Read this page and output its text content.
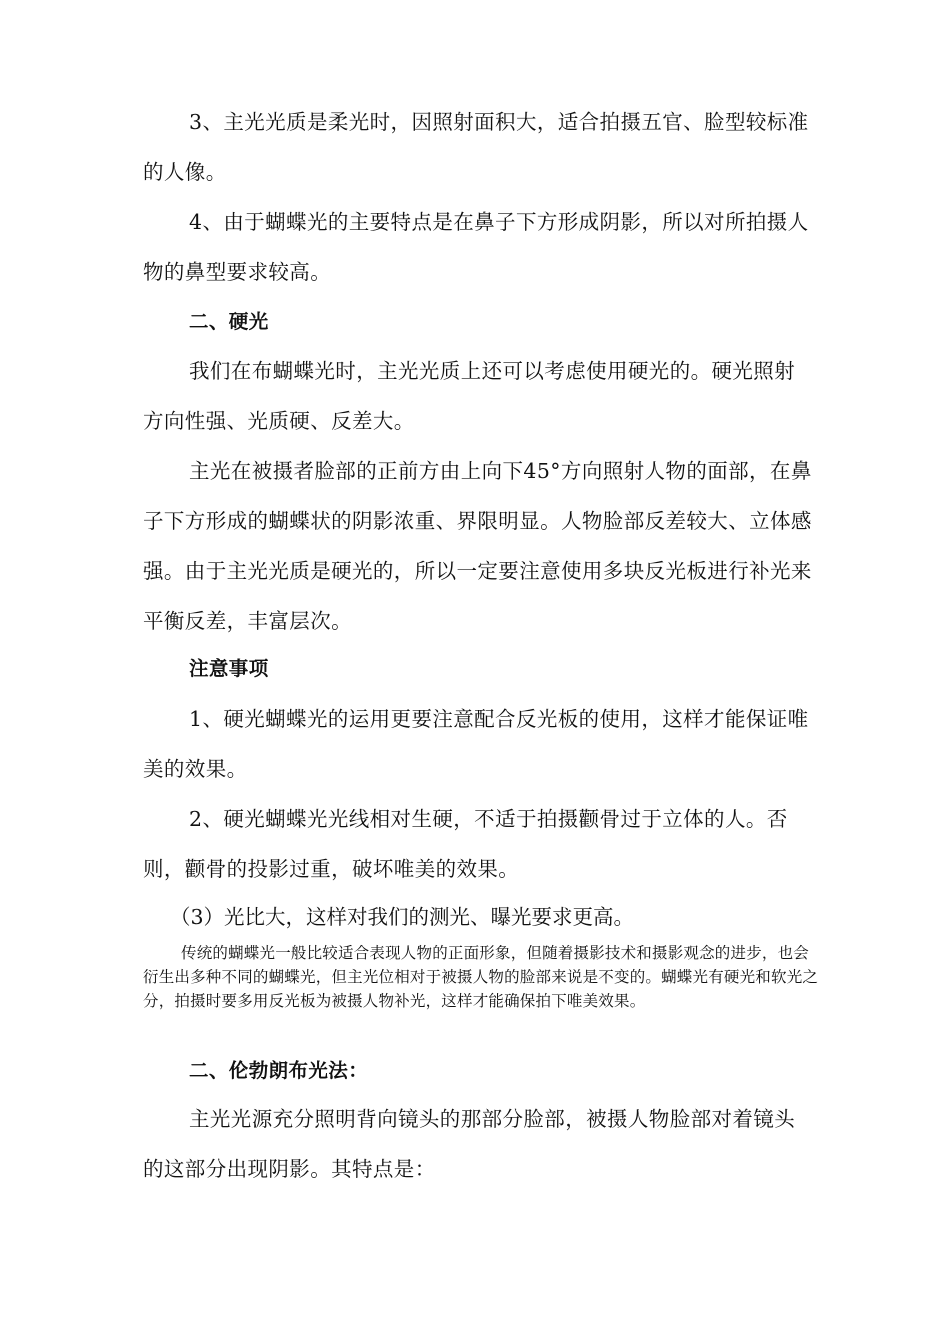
3、主光光质是柔光时，因照射面积大，适合拍摄五官、脸型较标准的人像。

4、由于蝴蝶光的主要特点是在鼻子下方形成阴影，所以对所拍摄人物的鼻型要求较高。

二、硬光

我们在布蝴蝶光时，主光光质上还可以考虑使用硬光的。硬光照射方向性强、光质硬、反差大。

主光在被摄者脸部的正前方由上向下45°方向照射人物的面部，在鼻子下方形成的蝴蝶状的阴影浓重、界限明显。人物脸部反差较大、立体感强。由于主光光质是硬光的，所以一定要注意使用多块反光板进行补光来平衡反差，丰富层次。

注意事项

1、硬光蝴蝶光的运用更要注意配合反光板的使用，这样才能保证唯美的效果。

2、硬光蝴蝶光光线相对生硬，不适于拍摄颧骨过于立体的人。否则，颧骨的投影过重，破坏唯美的效果。

（3）光比大，这样对我们的测光、曝光要求更高。

传统的蝴蝶光一般比较适合表现人物的正面形象，但随着摄影技术和摄影观念的进步，也会衍生出多种不同的蝴蝶光，但主光位相对于被摄人物的脸部来说是不变的。蝴蝶光有硬光和软光之分，拍摄时要多用反光板为被摄人物补光，这样才能确保拍下唯美效果。

二、伦勃朗布光法：

主光光源充分照明背向镜头的那部分脸部，被摄人物脸部对着镜头的这部分出现阴影。其特点是：
